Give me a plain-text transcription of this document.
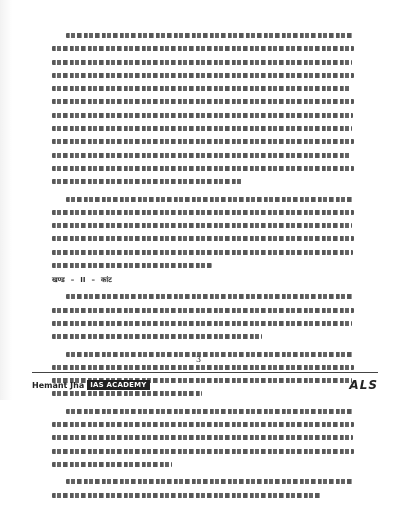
खण्ड – II – कांट
3
Hemant Jha IAS ACADEMY	ALS
